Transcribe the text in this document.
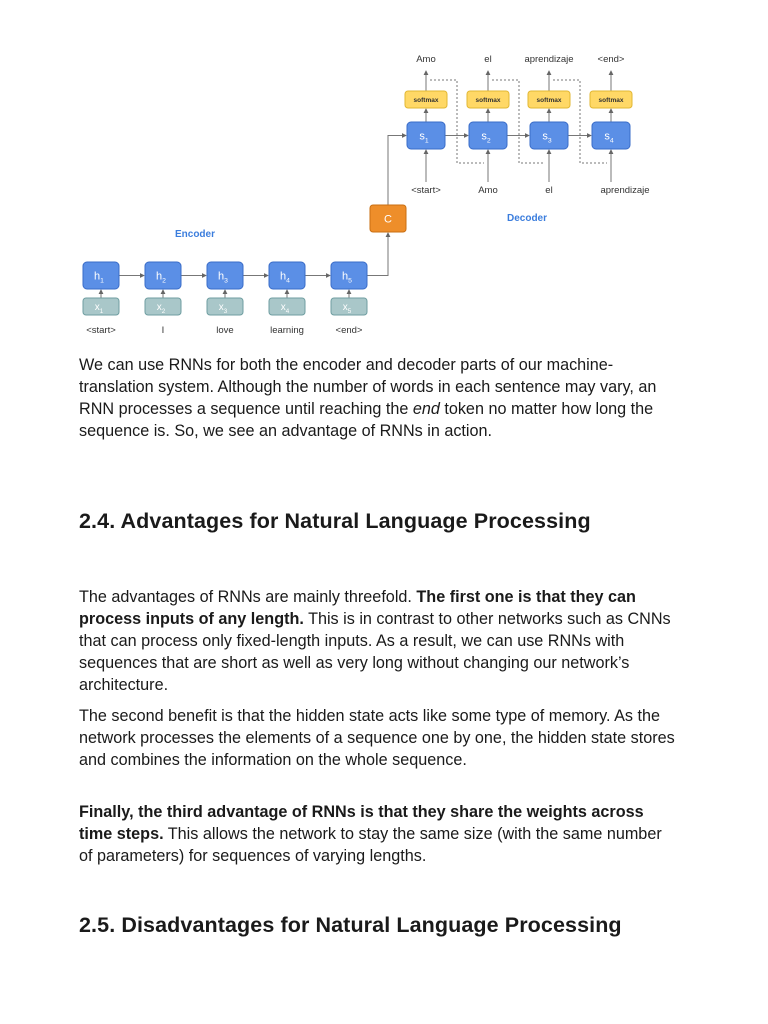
$h_1$
$x_1$
<start>
$h_2$
$x_2$
I
$h_3$
$x_3$
love
$h_4$
$x_4$
learning
$h_5$
$x_5$
<end>
Encoder
C
$s_1$
softmax
Amo
<start>
$s_2$
softmax
el
Amo
$s_3$
softmax
aprendizaje
el
$s_4$
softmax
<end>
aprendizaje
Decoder

We can use RNNs for both the encoder and decoder parts of our machine-translation system. Although the number of words in each sentence may vary, an RNN processes a sequence until reaching the end token no matter how long the sequence is. So, we see an advantage of RNNs in action.

2.4. Advantages for Natural Language Processing

The advantages of RNNs are mainly threefold. The first one is that they can process inputs of any length. This is in contrast to other networks such as CNNs that can process only fixed-length inputs. As a result, we can use RNNs with sequences that are short as well as very long without changing our network’s architecture.

The second benefit is that the hidden state acts like some type of memory. As the network processes the elements of a sequence one by one, the hidden state stores and combines the information on the whole sequence.

Finally, the third advantage of RNNs is that they share the weights across time steps. This allows the network to stay the same size (with the same number of parameters) for sequences of varying lengths.

2.5. Disadvantages for Natural Language Processing
